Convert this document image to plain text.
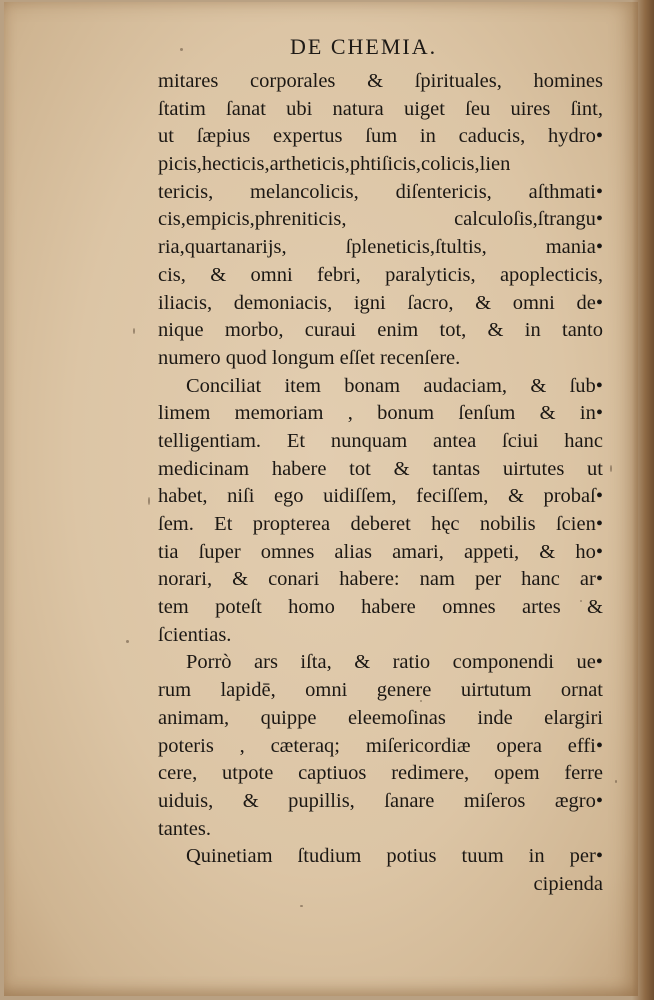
DE CHEMIA.
mitares corporales & ſpirituales, homines
ſtatim ſanat ubi natura uiget ſeu uires ſint,
ut ſæpius expertus ſum in caducis, hydro•
picis,hecticis,artheticis,phtiſicis,colicis,lien
tericis, melancolicis, diſentericis, aſthmati•
cis,empicis,phreniticis, calculoſis,ſtrangu•
ria,quartanarijs, ſpleneticis,ſtultis, mania•
cis, & omni febri, paralyticis, apoplecticis,
iliacis, demoniacis, igni ſacro, & omni de•
nique morbo, curaui enim tot, & in tanto
numero quod longum eſſet recenſere.
Conciliat item bonam audaciam, & ſub•
limem memoriam , bonum ſenſum & in•
telligentiam. Et nunquam antea ſciui hanc
medicinam habere tot & tantas uirtutes ut
habet, niſi ego uidiſſem, feciſſem, & probaſ•
ſem. Et propterea deberet hęc nobilis ſcien•
tia ſuper omnes alias amari, appeti, & ho•
norari, & conari habere: nam per hanc ar•
tem poteſt homo habere omnes artes &
ſcientias.
Porrò ars iſta, & ratio componendi ue•
rum lapidē, omni genere uirtutum ornat
animam, quippe eleemoſinas inde elargiri
poteris , cæteraq; miſericordiæ opera effi•
cere, utpote captiuos redimere, opem ferre
uiduis, & pupillis, ſanare miſeros ægro•
tantes.
Quinetiam ſtudium potius tuum in per•
cipienda
